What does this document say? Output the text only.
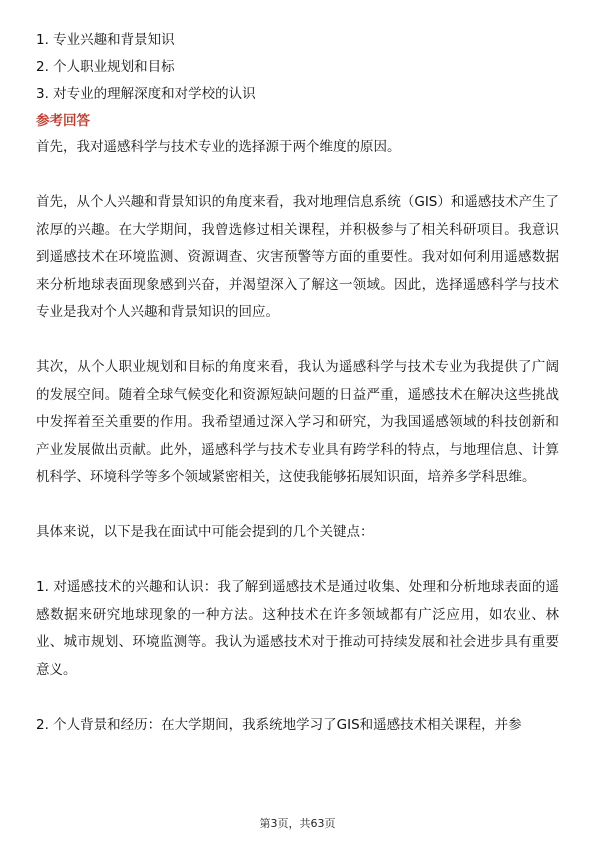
1. 专业兴趣和背景知识
2. 个人职业规划和目标
3. 对专业的理解深度和对学校的认识
参考回答

首先，我对遥感科学与技术专业的选择源于两个维度的原因。

首先，从个人兴趣和背景知识的角度来看，我对地理信息系统（GIS）和遥感技术产生了浓厚的兴趣。在大学期间，我曾选修过相关课程，并积极参与了相关科研项目。我意识到遥感技术在环境监测、资源调查、灾害预警等方面的重要性。我对如何利用遥感数据来分析地球表面现象感到兴奋，并渴望深入了解这一领域。因此，选择遥感科学与技术专业是我对个人兴趣和背景知识的回应。

其次，从个人职业规划和目标的角度来看，我认为遥感科学与技术专业为我提供了广阔的发展空间。随着全球气候变化和资源短缺问题的日益严重，遥感技术在解决这些挑战中发挥着至关重要的作用。我希望通过深入学习和研究，为我国遥感领域的科技创新和产业发展做出贡献。此外，遥感科学与技术专业具有跨学科的特点，与地理信息、计算机科学、环境科学等多个领域紧密相关，这使我能够拓展知识面，培养多学科思维。

具体来说，以下是我在面试中可能会提到的几个关键点：

1. 对遥感技术的兴趣和认识：我了解到遥感技术是通过收集、处理和分析地球表面的遥感数据来研究地球现象的一种方法。这种技术在许多领域都有广泛应用，如农业、林业、城市规划、环境监测等。我认为遥感技术对于推动可持续发展和社会进步具有重要意义。

2. 个人背景和经历：在大学期间，我系统地学习了GIS和遥感技术相关课程，并参

第3页，共63页
